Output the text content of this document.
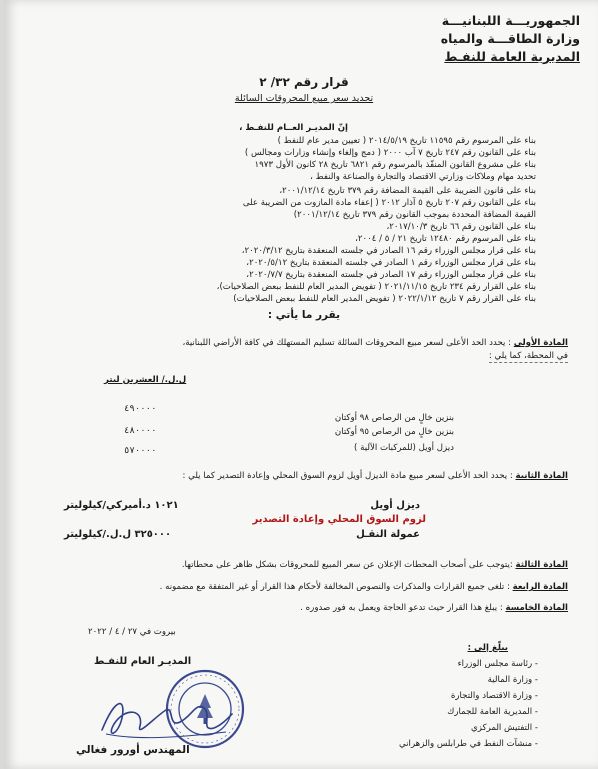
الجمهوريـــة اللبنانيـــة
وزارة الطاقـــة والمياه
المديرية العامة للنفـط
قرار رقم ٣٢/ ٢
تحديد سعر مبيع المحروقات السائلة
إنّ المديـر العــام للنفـط ،
بناء على المرسوم رقم ١١٥٩٥ تاريخ ٢٠١٤/٥/١٩ ( تعيين مدير عام للنفط )
بناء على القانون رقم ٢٤٧ تاريخ ٧ آب ٢٠٠٠ ( دمج وإلغاء وإنشاء وزارات ومجالس )
بناء على مشروع القانون المنفّذ بالمرسوم رقم ٦٨٢١ تاريخ ٢٨ كانون الأول ١٩٧٣
تحديد مهام وملاكات وزارتي الاقتصاد والتجارة والصناعة والنفط ،
بناء على قانون الضريبة على القيمة المضافة رقم ٣٧٩ تاريخ ٢٠٠١/١٢/١٤،
بناء على القانون رقم ٢٠٧ تاريخ ٥ آذار ٢٠١٢ ( إعفاء مادة المازوت من الضريبة على
القيمة المضافة المحددة بموجب القانون رقم ٣٧٩ تاريخ ٢٠٠١/١٢/١٤)
بناء على القانون رقم ٦٦ تاريخ ٢٠١٧/١٠/٣،
بناء على المرسوم رقم ١٢٤٨٠ تاريخ ٢١ / ٥ / ٢٠٠٤،
بناء على قرار مجلس الوزراء رقم ١٦ الصادر في جلسته المنعقدة بتاريخ ٢٠٢٠/٣/١٢،
بناء على قرار مجلس الوزراء رقم ١ الصادر في جلسته المنعقدة بتاريخ ٢٠٢٠/٥/١٢،
بناء على قرار مجلس الوزراء رقم ١٧ الصادر في جلسته المنعقدة بتاريخ ٢٠٢٠/٧/٧،
بناء على القرار رقم ٢٣٤ تاريخ ٢٠٢١/١١/١٥ ( تفويض المدير العام للنفط ببعض الصلاحيات)،
بناء على القرار رقم ٧ تاريخ ٢٠٢٢/١/١٢ ( تفويض المدير العام للنفط ببعض الصلاحيات)
يقرر ما يأتي :
المادة الأولى : يحدد الحد الأعلى لسعر مبيع المحروقات السائلة تسليم المستهلك في كافة الأراضي اللبنانية،
في المحطة، كما يلي :
ل.ل./ العشرين ليتر
بنزين خالٍ من الرصاص ٩٨ أوكتان
٤٩٠٠٠٠
بنزين خالٍ من الرصاص ٩٥ أوكتان
٤٨٠٠٠٠
ديزل أويل (للمركبات الآلية )
٥٧٠٠٠٠
المادة الثانية : يحدد الحد الأعلى لسعر مبيع مادة الديزل أويل لزوم السوق المحلي وإعادة التصدير كما يلي :
ديزل أويل
١٠٢١ د.أميركي/كيلوليتر
لزوم السوق المحلي وإعادة التصدير
عمولة النقـل
٣٢٥٠٠٠ ل.ل./كيلوليتر
المادة الثالثة :يتوجب على أصحاب المحطات الإعلان عن سعر المبيع للمحروقات بشكل ظاهر على محطاتها.
المادة الرابعة : تلغى جميع القرارات والمذكرات والنصوص المخالفة لأحكام هذا القرار أو غير المتفقة مع مضمونه .
المادة الخامسة : يبلغ هذا القرار حيث تدعو الحاجة ويعمل به فور صدوره .
بيروت في ٢٧ / ٤ / ٢٠٢٢
يبلّغ إلى :
- رئاسة مجلس الوزراء
- وزارة المالية
- وزارة الاقتصاد والتجارة
- المديرية العامة للجمارك
- التفتيش المركزي
- منشآت النفط في طرابلس والزهراني
المديـر العام للنفـط
المهندس أورور فغالي
